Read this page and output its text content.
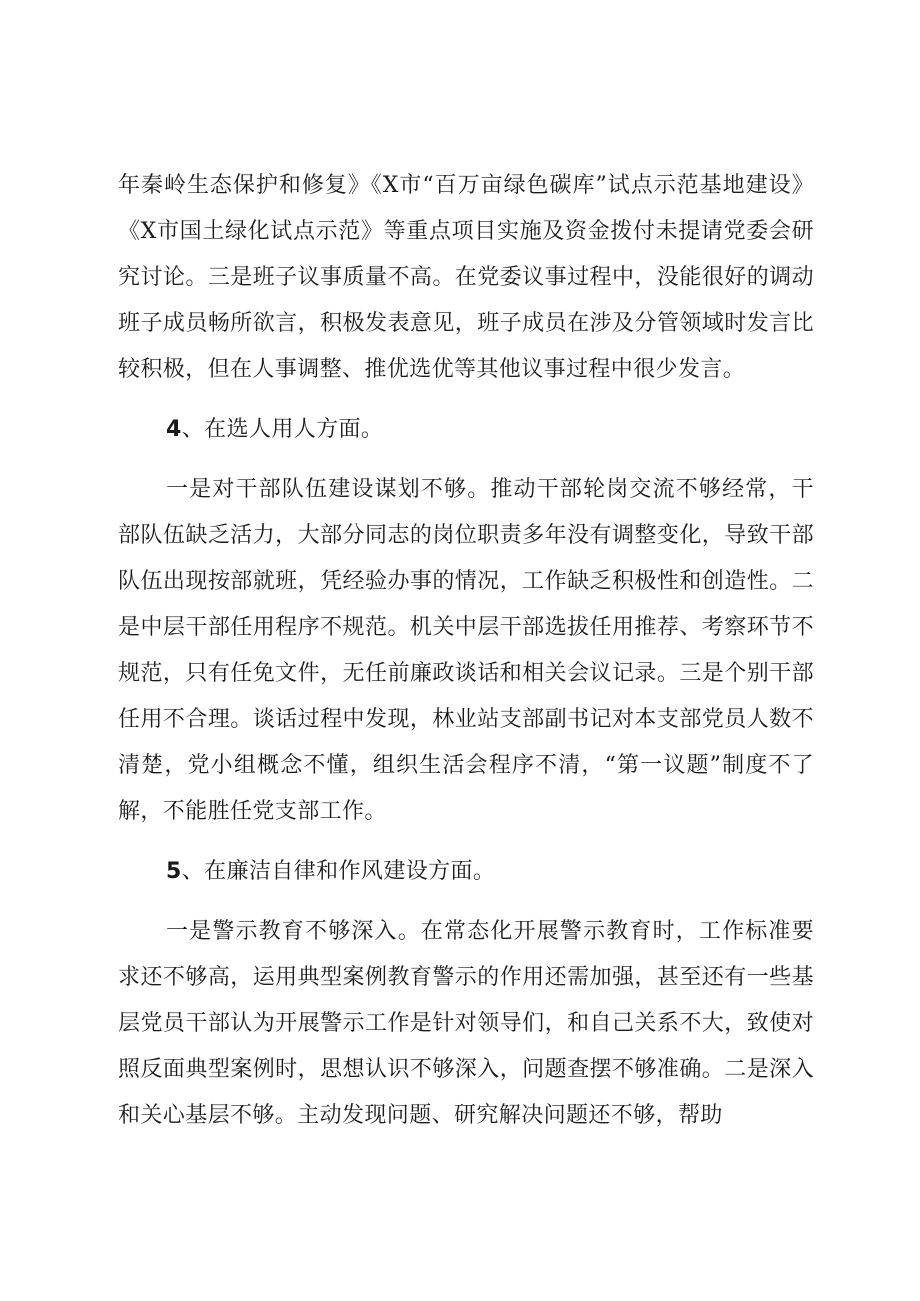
年秦岭生态保护和修复》《X市“百万亩绿色碳库”试点示范基地建设》《X市国土绿化试点示范》等重点项目实施及资金拨付未提请党委会研究讨论。三是班子议事质量不高。在党委议事过程中，没能很好的调动班子成员畅所欲言，积极发表意见，班子成员在涉及分管领域时发言比较积极，但在人事调整、推优选优等其他议事过程中很少发言。

4、在选人用人方面。

一是对干部队伍建设谋划不够。推动干部轮岗交流不够经常，干部队伍缺乏活力，大部分同志的岗位职责多年没有调整变化，导致干部队伍出现按部就班，凭经验办事的情况，工作缺乏积极性和创造性。二是中层干部任用程序不规范。机关中层干部选拔任用推荐、考察环节不规范，只有任免文件，无任前廉政谈话和相关会议记录。三是个别干部任用不合理。谈话过程中发现，林业站支部副书记对本支部党员人数不清楚，党小组概念不懂，组织生活会程序不清，“第一议题”制度不了解，不能胜任党支部工作。

5、在廉洁自律和作风建设方面。

一是警示教育不够深入。在常态化开展警示教育时，工作标准要求还不够高，运用典型案例教育警示的作用还需加强，甚至还有一些基层党员干部认为开展警示工作是针对领导们，和自己关系不大，致使对照反面典型案例时，思想认识不够深入，问题查摆不够准确。二是深入和关心基层不够。主动发现问题、研究解决问题还不够，帮助
